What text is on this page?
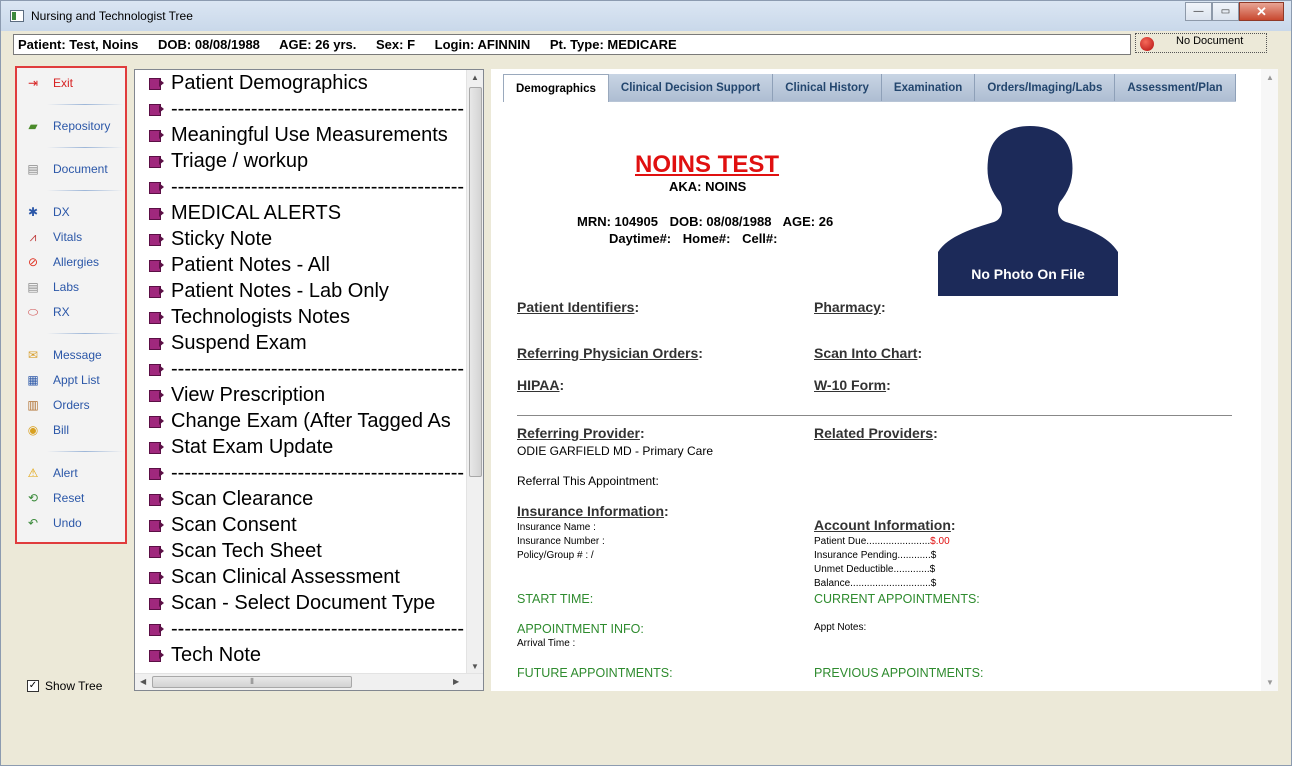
Nursing and Technologist Tree	—	▭	✕
Patient: Test, Noins DOB: 08/08/1988 AGE: 26 yrs. Sex: F Login: AFINNIN Pt. Type: MEDICARE	No Document
⇥ Exit
▰ Repository
▤ Document
✱ DX
⩘	Vitals
⊘ Allergies
▤ Labs
⬭ RX
✉ Message
▦ Appt List
▥ Orders
◉ Bill
⚠ Alert
⟲ Reset
↶ Undo
✓ Show Tree
Patient Demographics
--------------------------------------------
Meaningful Use Measurements
Triage / workup
--------------------------------------------
MEDICAL ALERTS
Sticky Note
Patient Notes - All
Patient Notes - Lab Only
Technologists Notes
Suspend Exam
--------------------------------------------
View Prescription
Change Exam (After Tagged As
Stat Exam Update
--------------------------------------------
Scan Clearance
Scan Consent
Scan Tech Sheet
Scan Clinical Assessment
Scan - Select Document Type
--------------------------------------------
Tech Note
▲
▼
◀	⦀	▶
Demographics	Clinical Decision Support	Clinical History	Examination	Orders/Imaging/Labs	Assessment/Plan
NOINS TEST
AKA: NOINS
MRN: 104905 DOB: 08/08/1988 AGE: 26
Daytime#: Home#: Cell#:
No Photo On File
Patient Identifiers:	Pharmacy:
Referring Physician Orders:	Scan Into Chart:
HIPAA:	W-10 Form:
Referring Provider:
ODIE GARFIELD MD - Primary Care
Related Providers:
Referral This Appointment:
Insurance Information:
Insurance Name :
Insurance Number :
Policy/Group # : /
Account Information:
Patient Due.......................$.00
Insurance Pending............$
Unmet Deductible.............$
Balance.............................$
START TIME:	CURRENT APPOINTMENTS:
APPOINTMENT INFO:
Arrival Time :
Appt Notes:
FUTURE APPOINTMENTS:	PREVIOUS APPOINTMENTS:
▲
▼
